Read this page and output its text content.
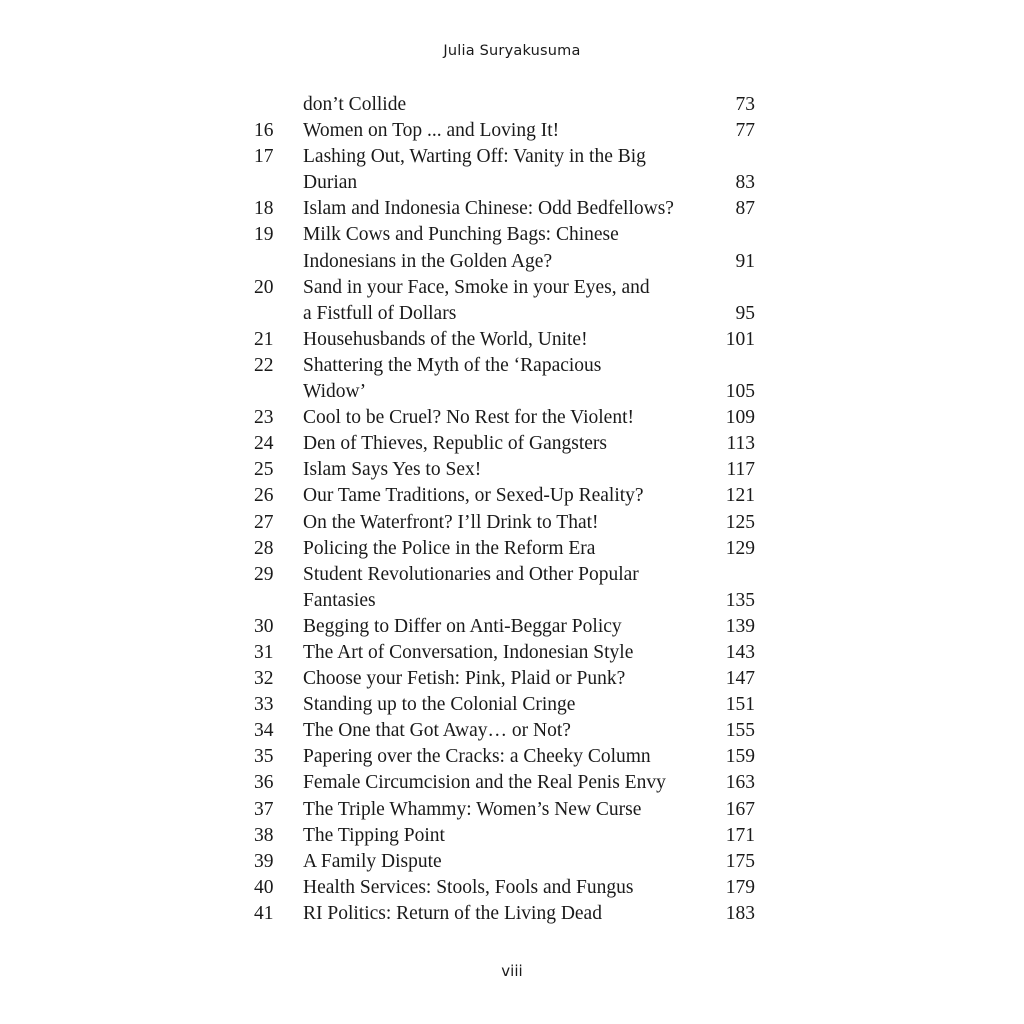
Julia Suryakusuma
don’t Collide	73
16	Women on Top ... and Loving It!	77
17	Lashing Out, Warting Off: Vanity in the Big
Durian	83
18	Islam and Indonesia Chinese: Odd Bedfellows?	87
19	Milk Cows and Punching Bags: Chinese
Indonesians in the Golden Age?	91
20	Sand in your Face, Smoke in your Eyes, and
a Fistfull of Dollars	95
21	Househusbands of the World, Unite!	101
22	Shattering the Myth of the ‘Rapacious
Widow’	105
23	Cool to be Cruel? No Rest for the Violent!	109
24	Den of Thieves, Republic of Gangsters	113
25	Islam Says Yes to Sex!	117
26	Our Tame Traditions, or Sexed-Up Reality?	121
27	On the Waterfront? I’ll Drink to That!	125
28	Policing the Police in the Reform Era	129
29	Student Revolutionaries and Other Popular
Fantasies	135
30	Begging to Differ on Anti-Beggar Policy	139
31	The Art of Conversation, Indonesian Style	143
32	Choose your Fetish: Pink, Plaid or Punk?	147
33	Standing up to the Colonial Cringe	151
34	The One that Got Away… or Not?	155
35	Papering over the Cracks: a Cheeky Column	159
36	Female Circumcision and the Real Penis Envy	163
37	The Triple Whammy: Women’s New Curse	167
38	The Tipping Point	171
39	A Family Dispute	175
40	Health Services: Stools, Fools and Fungus	179
41	RI Politics: Return of the Living Dead	183
viii
